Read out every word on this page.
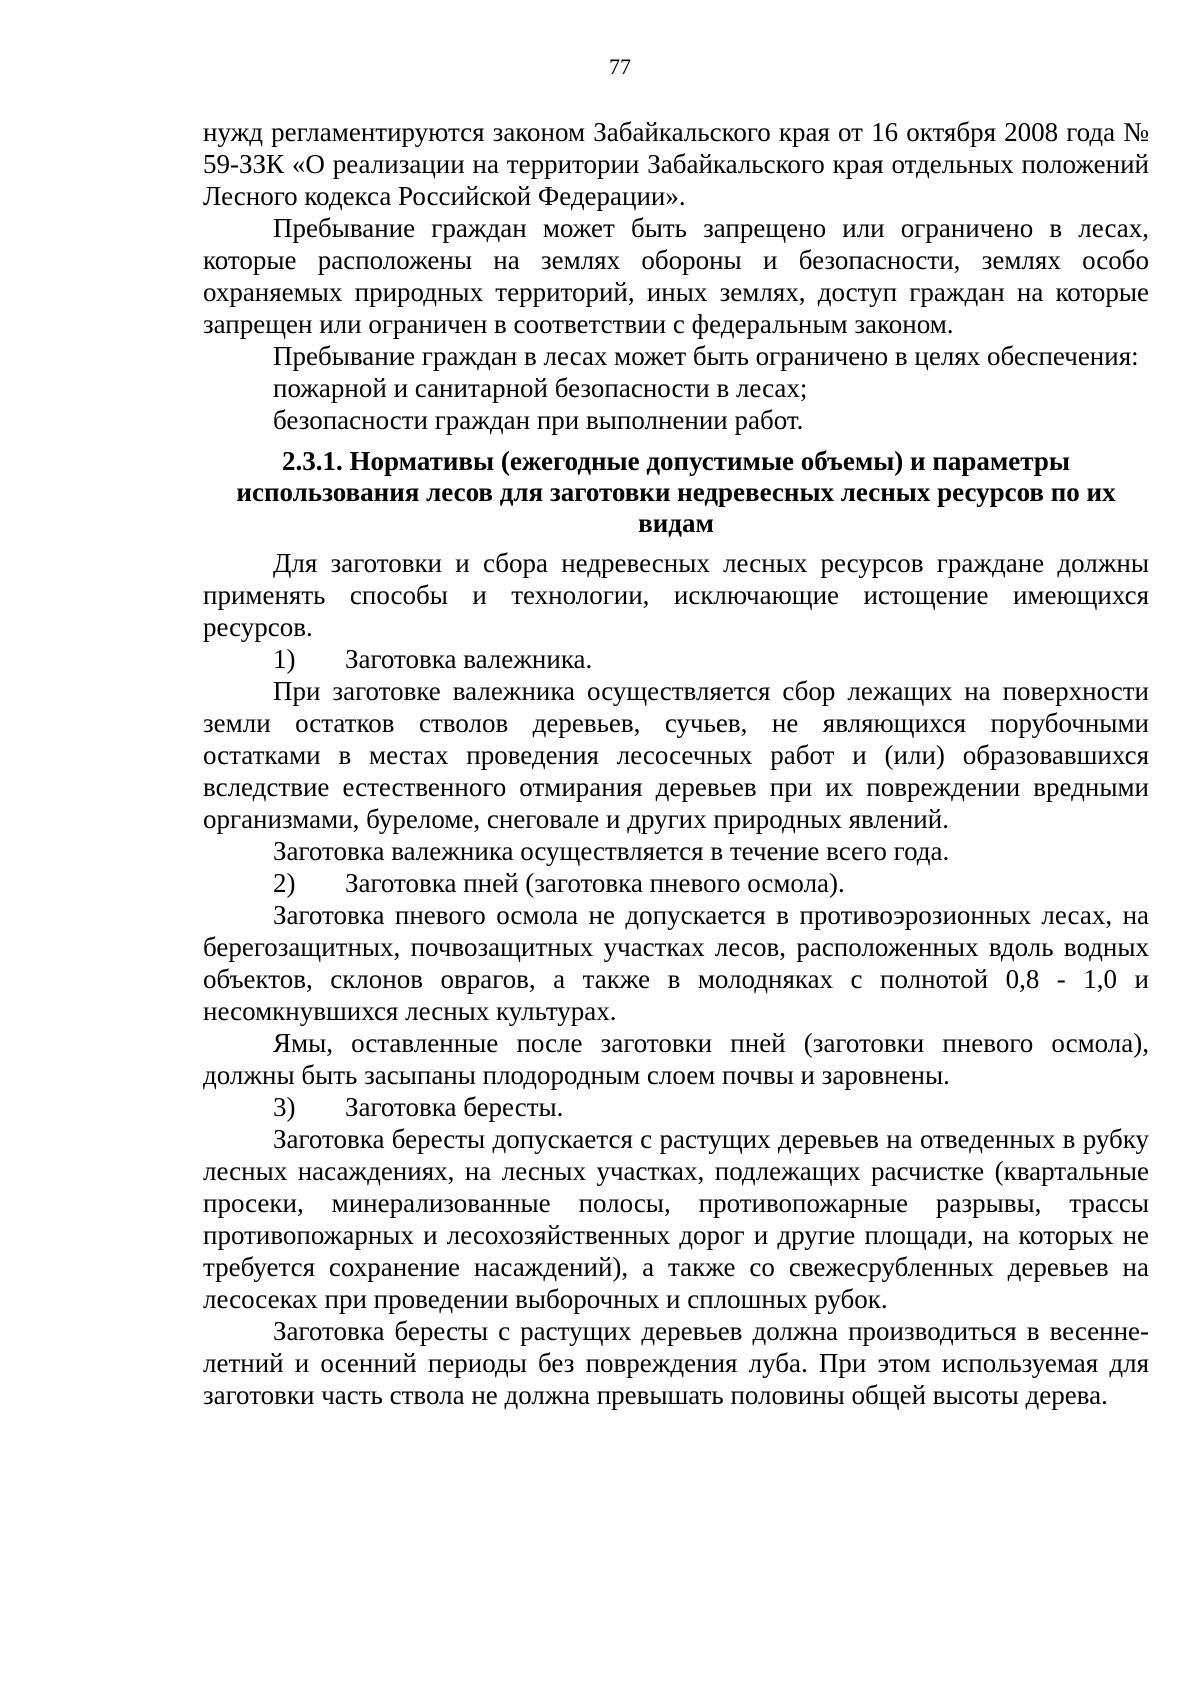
77

нужд регламентируются законом Забайкальского края от 16 октября 2008 года № 59-ЗЗК «О реализации на территории Забайкальского края отдельных положений Лесного кодекса Российской Федерации».

Пребывание граждан может быть запрещено или ограничено в лесах, которые расположены на землях обороны и безопасности, землях особо охраняемых природных территорий, иных землях, доступ граждан на которые запрещен или ограничен в соответствии с федеральным законом.

Пребывание граждан в лесах может быть ограничено в целях обеспечения:

пожарной и санитарной безопасности в лесах;

безопасности граждан при выполнении работ.

2.3.1. Нормативы (ежегодные допустимые объемы) и параметры
использования лесов для заготовки недревесных лесных ресурсов по их
видам

Для заготовки и сбора недревесных лесных ресурсов граждане должны применять способы и технологии, исключающие истощение имеющихся ресурсов.

1) Заготовка валежника.

При заготовке валежника осуществляется сбор лежащих на поверхности земли остатков стволов деревьев, сучьев, не являющихся порубочными остатками в местах проведения лесосечных работ и (или) образовавшихся вследствие естественного отмирания деревьев при их повреждении вредными организмами, буреломе, снеговале и других природных явлений.

Заготовка валежника осуществляется в течение всего года.

2) Заготовка пней (заготовка пневого осмола).

Заготовка пневого осмола не допускается в противоэрозионных лесах, на берегозащитных, почвозащитных участках лесов, расположенных вдоль водных объектов, склонов оврагов, а также в молодняках с полнотой 0,8 - 1,0 и несомкнувшихся лесных культурах.

Ямы, оставленные после заготовки пней (заготовки пневого осмола), должны быть засыпаны плодородным слоем почвы и заровнены.

3) Заготовка бересты.

Заготовка бересты допускается с растущих деревьев на отведенных в рубку лесных насаждениях, на лесных участках, подлежащих расчистке (квартальные просеки, минерализованные полосы, противопожарные разрывы, трассы противопожарных и лесохозяйственных дорог и другие площади, на которых не требуется сохранение насаждений), а также со свежесрубленных деревьев на лесосеках при проведении выборочных и сплошных рубок.

Заготовка бересты с растущих деревьев должна производиться в весенне-летний и осенний периоды без повреждения луба. При этом используемая для заготовки часть ствола не должна превышать половины общей высоты дерева.
